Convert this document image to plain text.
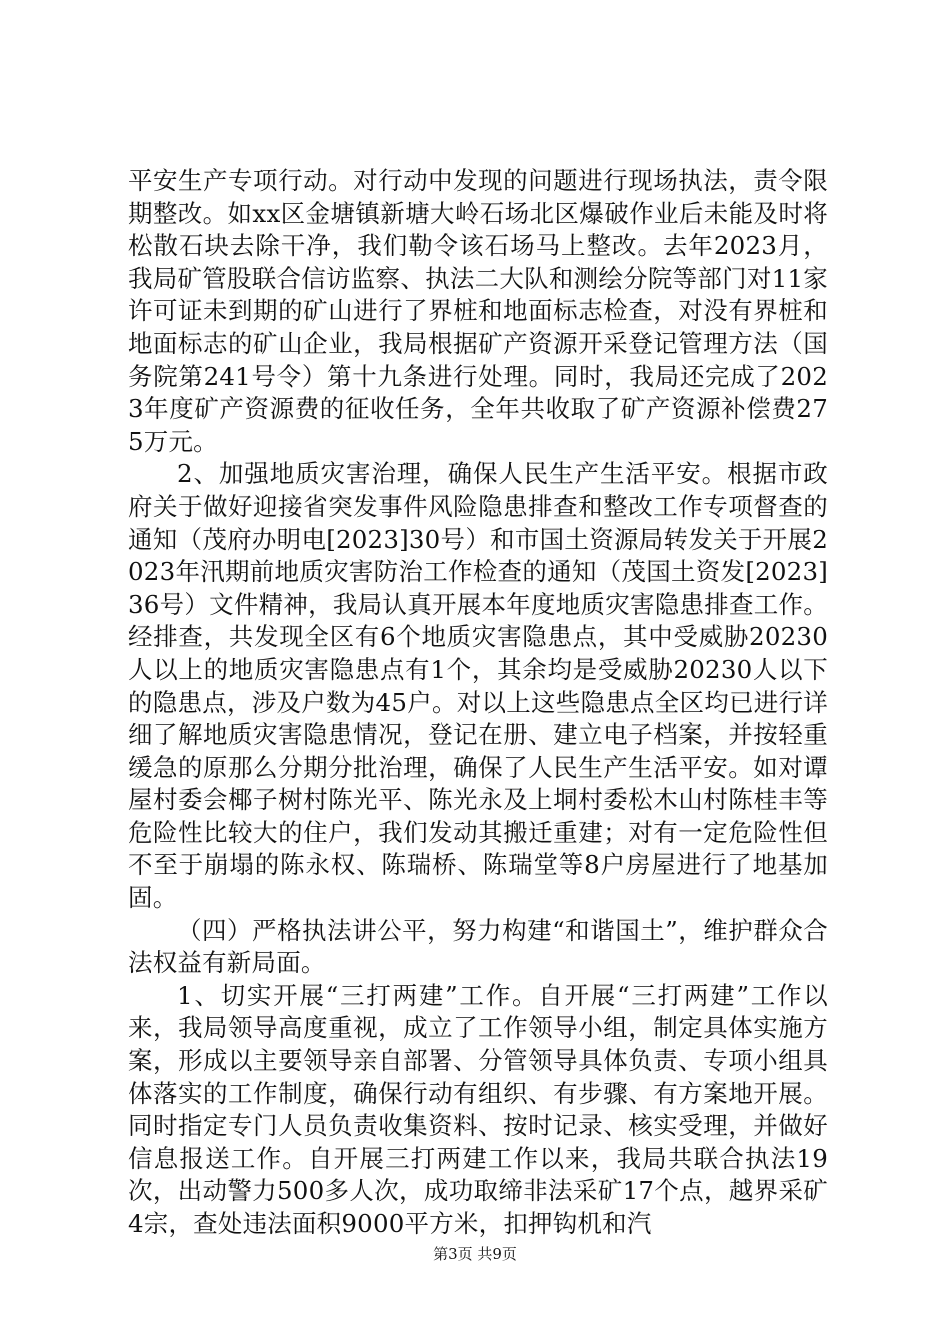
平安生产专项行动。对行动中发现的问题进行现场执法，责令限期整改。如xx区金塘镇新塘大岭石场北区爆破作业后未能及时将松散石块去除干净，我们勒令该石场马上整改。去年2023月，我局矿管股联合信访监察、执法二大队和测绘分院等部门对11家许可证未到期的矿山进行了界桩和地面标志检查，对没有界桩和地面标志的矿山企业，我局根据矿产资源开采登记管理方法（国务院第241号令）第十九条进行处理。同时，我局还完成了2023年度矿产资源费的征收任务，全年共收取了矿产资源补偿费275万元。

2、加强地质灾害治理，确保人民生产生活平安。根据市政府关于做好迎接省突发事件风险隐患排查和整改工作专项督查的通知（茂府办明电[2023]30号）和市国土资源局转发关于开展2023年汛期前地质灾害防治工作检查的通知（茂国土资发[2023]36号）文件精神，我局认真开展本年度地质灾害隐患排查工作。经排查，共发现全区有6个地质灾害隐患点，其中受威胁20230人以上的地质灾害隐患点有1个，其余均是受威胁20230人以下的隐患点，涉及户数为45户。对以上这些隐患点全区均已进行详细了解地质灾害隐患情况，登记在册、建立电子档案，并按轻重缓急的原那么分期分批治理，确保了人民生产生活平安。如对谭屋村委会椰子树村陈光平、陈光永及上垌村委松木山村陈桂丰等危险性比较大的住户，我们发动其搬迁重建；对有一定危险性但不至于崩塌的陈永权、陈瑞桥、陈瑞堂等8户房屋进行了地基加固。

（四）严格执法讲公平，努力构建“和谐国土”，维护群众合法权益有新局面。

1、切实开展“三打两建”工作。自开展“三打两建”工作以来，我局领导高度重视，成立了工作领导小组，制定具体实施方案，形成以主要领导亲自部署、分管领导具体负责、专项小组具体落实的工作制度，确保行动有组织、有步骤、有方案地开展。同时指定专门人员负责收集资料、按时记录、核实受理，并做好信息报送工作。自开展三打两建工作以来，我局共联合执法19次，出动警力500多人次，成功取缔非法采矿17个点，越界采矿4宗，查处违法面积9000平方米，扣押钩机和汽

第3页 共9页
